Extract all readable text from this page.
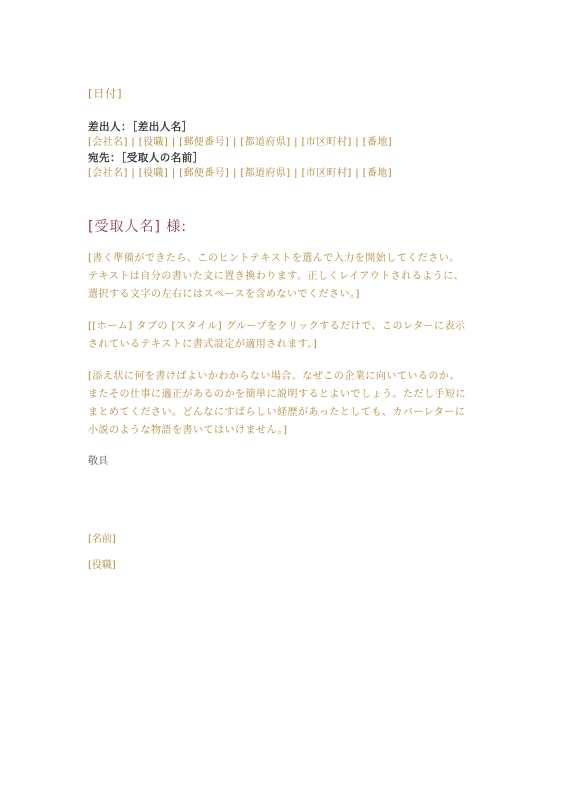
[日付]
差出人：［差出人名］
[会社名] | [役職] | [郵便番号] | [都道府県] | [市区町村] | [番地]
宛先：［受取人の名前］
[会社名] | [役職] | [郵便番号] | [都道府県] | [市区町村] | [番地]
[受取人名] 様:
[書く準備ができたら、このヒントテキストを選んで入力を開始してください。テキストは自分の書いた文に置き換わります。正しくレイアウトされるように、選択する文字の左右にはスペースを含めないでください。]
[[ホーム] タブの [スタイル] グループをクリックするだけで、このレターに表示されているテキストに書式設定が適用されます。]
[添え状に何を書けばよいかわからない場合、なぜこの企業に向いているのか、またその仕事に適正があるのかを簡単に説明するとよいでしょう。ただし手短にまとめてください。どんなにすばらしい経歴があったとしても、カバーレターに小説のような物語を書いてはいけません。]
敬具
[名前]
[役職]
